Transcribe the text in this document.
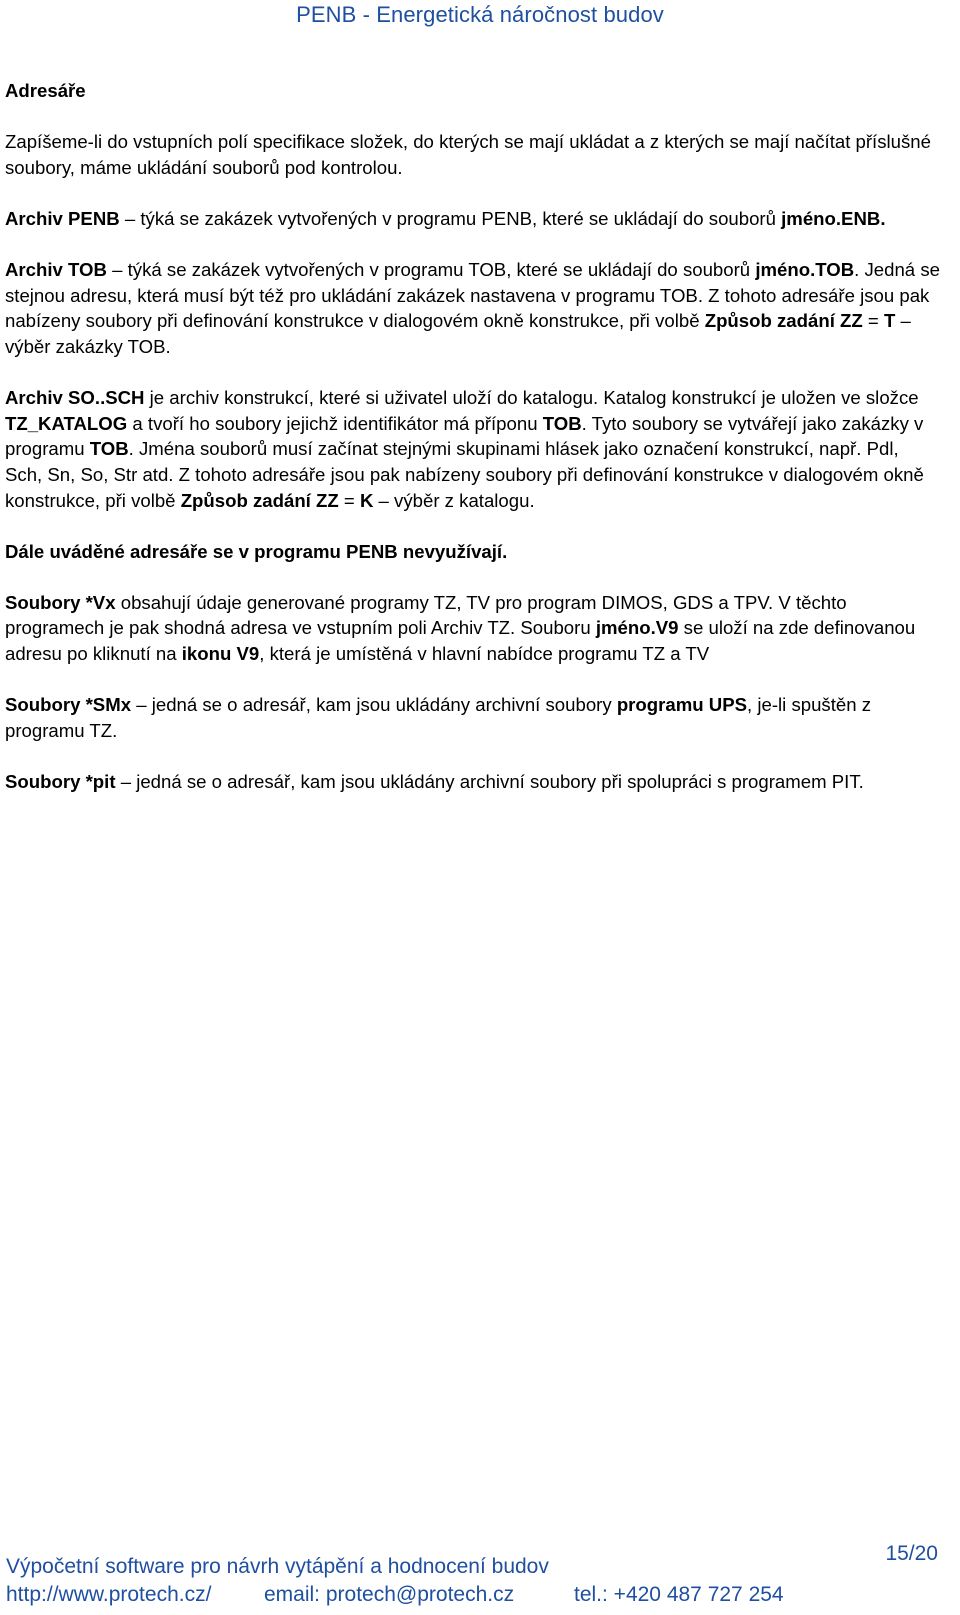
PENB - Energetická náročnost budov
Adresáře

Zapíšeme-li do vstupních polí specifikace složek, do kterých se mají ukládat a z kterých se mají načítat příslušné soubory, máme ukládání souborů pod kontrolou.

Archiv PENB – týká se zakázek vytvořených v programu PENB, které se ukládají do souborů jméno.ENB.

Archiv TOB – týká se zakázek vytvořených v programu TOB, které se ukládají do souborů jméno.TOB. Jedná se stejnou adresu, která musí být též pro ukládání zakázek nastavena v programu TOB. Z tohoto adresáře jsou pak nabízeny soubory při definování konstrukce v dialogovém okně konstrukce, při volbě Způsob zadání ZZ = T – výběr zakázky TOB.

Archiv SO..SCH je archiv konstrukcí, které si uživatel uloží do katalogu. Katalog konstrukcí je uložen ve složce TZ_KATALOG a tvoří ho soubory jejichž identifikátor má příponu TOB. Tyto soubory se vytvářejí jako zakázky v programu TOB. Jména souborů musí začínat stejnými skupinami hlásek jako označení konstrukcí, např. Pdl, Sch, Sn, So, Str atd. Z tohoto adresáře jsou pak nabízeny soubory při definování konstrukce v dialogovém okně konstrukce, při volbě Způsob zadání ZZ = K – výběr z katalogu.

Dále uváděné adresáře se v programu PENB nevyužívají.

Soubory *Vx obsahují údaje generované programy TZ, TV pro program DIMOS, GDS a TPV. V těchto programech je pak shodná adresa ve vstupním poli Archiv TZ. Souboru jméno.V9 se uloží na zde definovanou adresu po kliknutí na ikonu V9, která je umístěná v hlavní nabídce programu TZ a TV

Soubory *SMx – jedná se o adresář, kam jsou ukládány archivní soubory programu UPS, je-li spuštěn z programu TZ.

Soubory *pit – jedná se o adresář, kam jsou ukládány archivní soubory při spolupráci s programem PIT.

Výpočetní software pro návrh vytápění a hodnocení budov
15/20
http://www.protech.cz/	email: protech@protech.cz	tel.: +420 487 727 254
